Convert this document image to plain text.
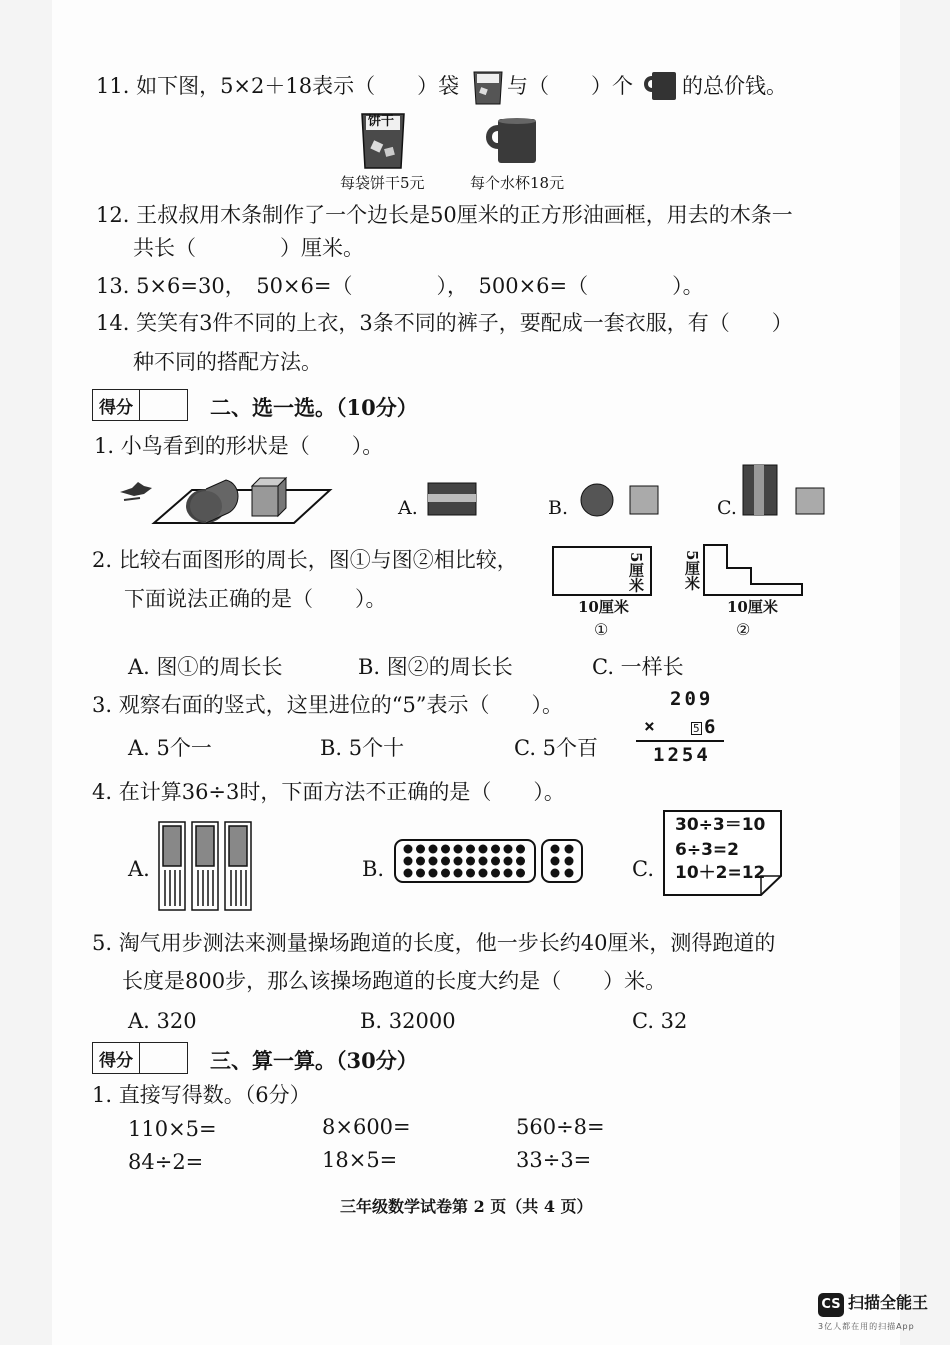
11. 如下图，5×2＋18表示（　　）袋 与（　　）个 的总价钱。
饼干
每袋饼干5元	每个水杯18元
12. 王叔叔用木条制作了一个边长是50厘米的正方形油画框，用去的木条一
共长（　　　　）厘米。
13. 5×6=30，　50×6=（　　　　），　500×6=（　　　　）。
14. 笑笑有3件不同的上衣，3条不同的裤子，要配成一套衣服，有（　　）
种不同的搭配方法。
得分	二、选一选。（10分）
1. 小鸟看到的形状是（　　）。
A.	B.	C.
2. 比较右面图形的周长，图①与图②相比较，
下面说法正确的是（　　）。
5厘米
10厘米
①
5厘米
10厘米
②
A. 图①的周长长	B. 图②的周长长	C. 一样长
3. 观察右面的竖式，这里进位的“5”表示（　　）。
A. 5个一	B. 5个十	C. 5个百
209
×	5 6
1254
4. 在计算36÷3时，下面方法不正确的是（　　）。
A.	B.	C.
30÷3＝10
6÷3=2
10＋2=12
5. 淘气用步测法来测量操场跑道的长度，他一步长约40厘米，测得跑道的
长度是800步，那么该操场跑道的长度大约是（　　）米。
A. 320	B. 32000	C. 32
得分	三、算一算。（30分）
1. 直接写得数。（6分）
110×5=	8×600=	560÷8=
84÷2=	18×5=	33÷3=
三年级数学试卷第 2 页（共 4 页）
CS 扫描全能王
3亿人都在用的扫描App
